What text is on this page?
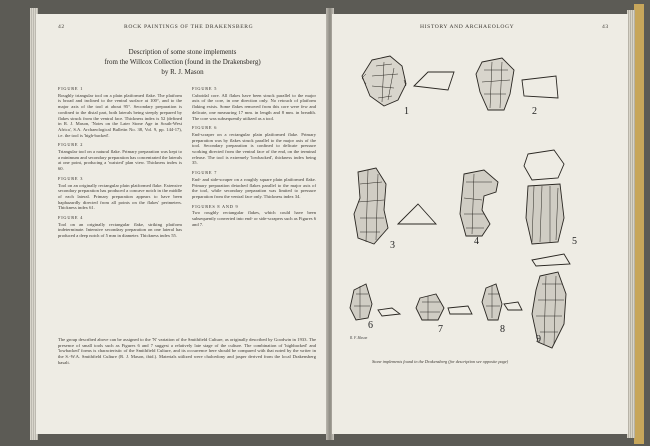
42	ROCK PAINTINGS OF THE DRAKENSBERG
Description of some stone implements
from the Willcox Collection (found in the Drakensberg)
by R. J. Mason
FIGURE 1
Roughly triangular tool on a plain platformed flake. The platform is broad and inclined to the ventral surface at 100°, and to the major axis of the tool at about 95°. Secondary preparation is confined to the distal part, both laterals being steeply prepared by flakes struck from the ventral face. Thickness index is 52 (defined in R. J. Mason, 'Notes on the Later Stone Age in South-West Africa', S.A. Archaeological Bulletin No. 38, Vol. 9, pp. 144-17), i.e. the tool is 'high-backed'.
FIGURE 2
Triangular tool on a natural flake. Primary preparation was kept to a minimum and secondary preparation has concentrated the laterals at one point, producing a 'waisted' plan view. Thickness index is 60.
FIGURE 3
Tool on an originally rectangular plain platformed flake. Extensive secondary preparation has produced a concave notch in the middle of each lateral. Primary preparation appears to have been haphazardly directed from all points on the flakes' perimeters. Thickness index 61.
FIGURE 4
Tool on an originally rectangular flake, striking platform indeterminate. Intensive secondary preparation on one lateral has produced a deep notch of 5 mm in diameter. Thickness index 55.
FIGURE 5
Cuboidal core. All flakes have been struck parallel to the major axis of the core, in one direction only. No retouch of platform flaking exists. Some flakes removed from this core were few and delicate, one measuring 17 mm. in length and 8 mm. in breadth. The core was subsequently utilized as a tool.
FIGURE 6
End-scraper on a rectangular plain platformed flake. Primary preparation was by flakes struck parallel to the major axis of the tool. Secondary preparation is confined to delicate pressure working directed from the ventral face of the end, on the terminal release. The tool is extremely 'lowbacked', thickness index being 35.
FIGURE 7
End- and side-scraper on a roughly square plain platformed flake. Primary preparation detached flakes parallel to the major axis of the tool, while secondary preparation was limited to pressure preparation from the ventral face only. Thickness index 34.
FIGURES 8 AND 9
Two roughly rectangular flakes, which could have been subsequently converted into end- or side-scrapers such as Figures 6 and 7.
The group described above can be assigned to the 'N' variation of the Smithfield Culture, as originally described by Goodwin in 1933. The presence of small tools such as Figures 6 and 7 suggest a relatively late stage of the culture. The combination of 'highbacked' and 'lowbacked' forms is characteristic of the Smithfield Culture, and its occurrence here should be compared with that noted by the writer in the S.-W.A. Smithfield Culture (R. J. Mason, ibid.). Materials utilized were chalcedony and jasper derived from the local Drakensberg basalt.
HISTORY AND ARCHAEOLOGY	43
1	2
3	4	5
6	7	8
9
R. F. Mason
Stone implements found in the Drakensberg (for description see opposite page)
